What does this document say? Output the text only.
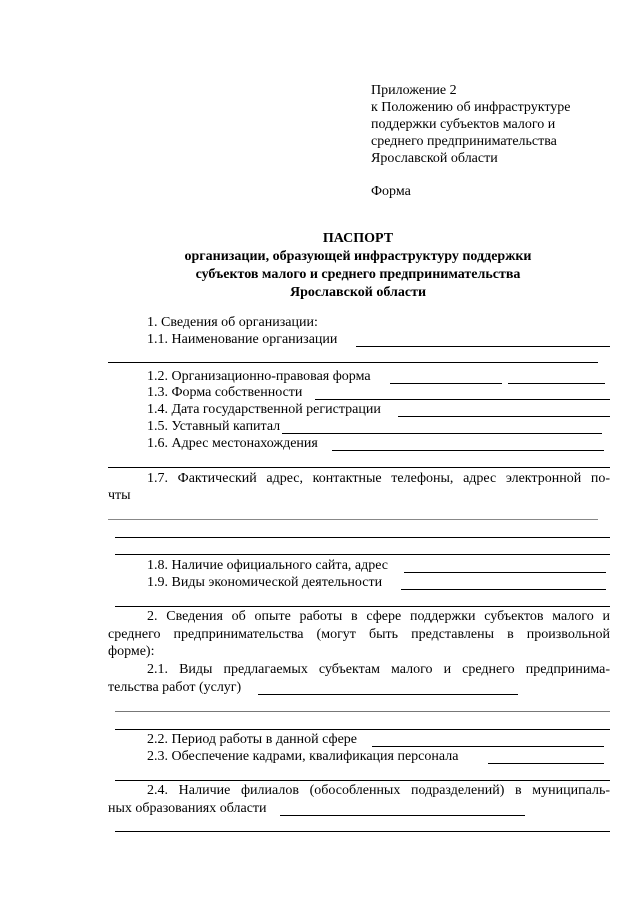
Приложение 2
к Положению об инфраструктуре
поддержки субъектов малого и
среднего предпринимательства
Ярославской области
Форма
ПАСПОРТ
организации, образующей инфраструктуру поддержки
субъектов малого и среднего предпринимательства
Ярославской области
1. Сведения об организации:
1.1. Наименование организации
1.2. Организационно-правовая форма
1.3. Форма собственности
1.4. Дата государственной регистрации
1.5. Уставный капитал
1.6. Адрес местонахождения
1.7. Фактический адрес, контактные телефоны, адрес электронной по-
чты
1.8. Наличие официального сайта, адрес
1.9. Виды экономической деятельности
2. Сведения об опыте работы в сфере поддержки субъектов малого и
среднего предпринимательства (могут быть представлены в произвольной
форме):
2.1. Виды предлагаемых субъектам малого и среднего предпринима-
тельства работ (услуг)
2.2. Период работы в данной сфере
2.3. Обеспечение кадрами, квалификация персонала
2.4. Наличие филиалов (обособленных подразделений) в муниципаль-
ных образованиях области
